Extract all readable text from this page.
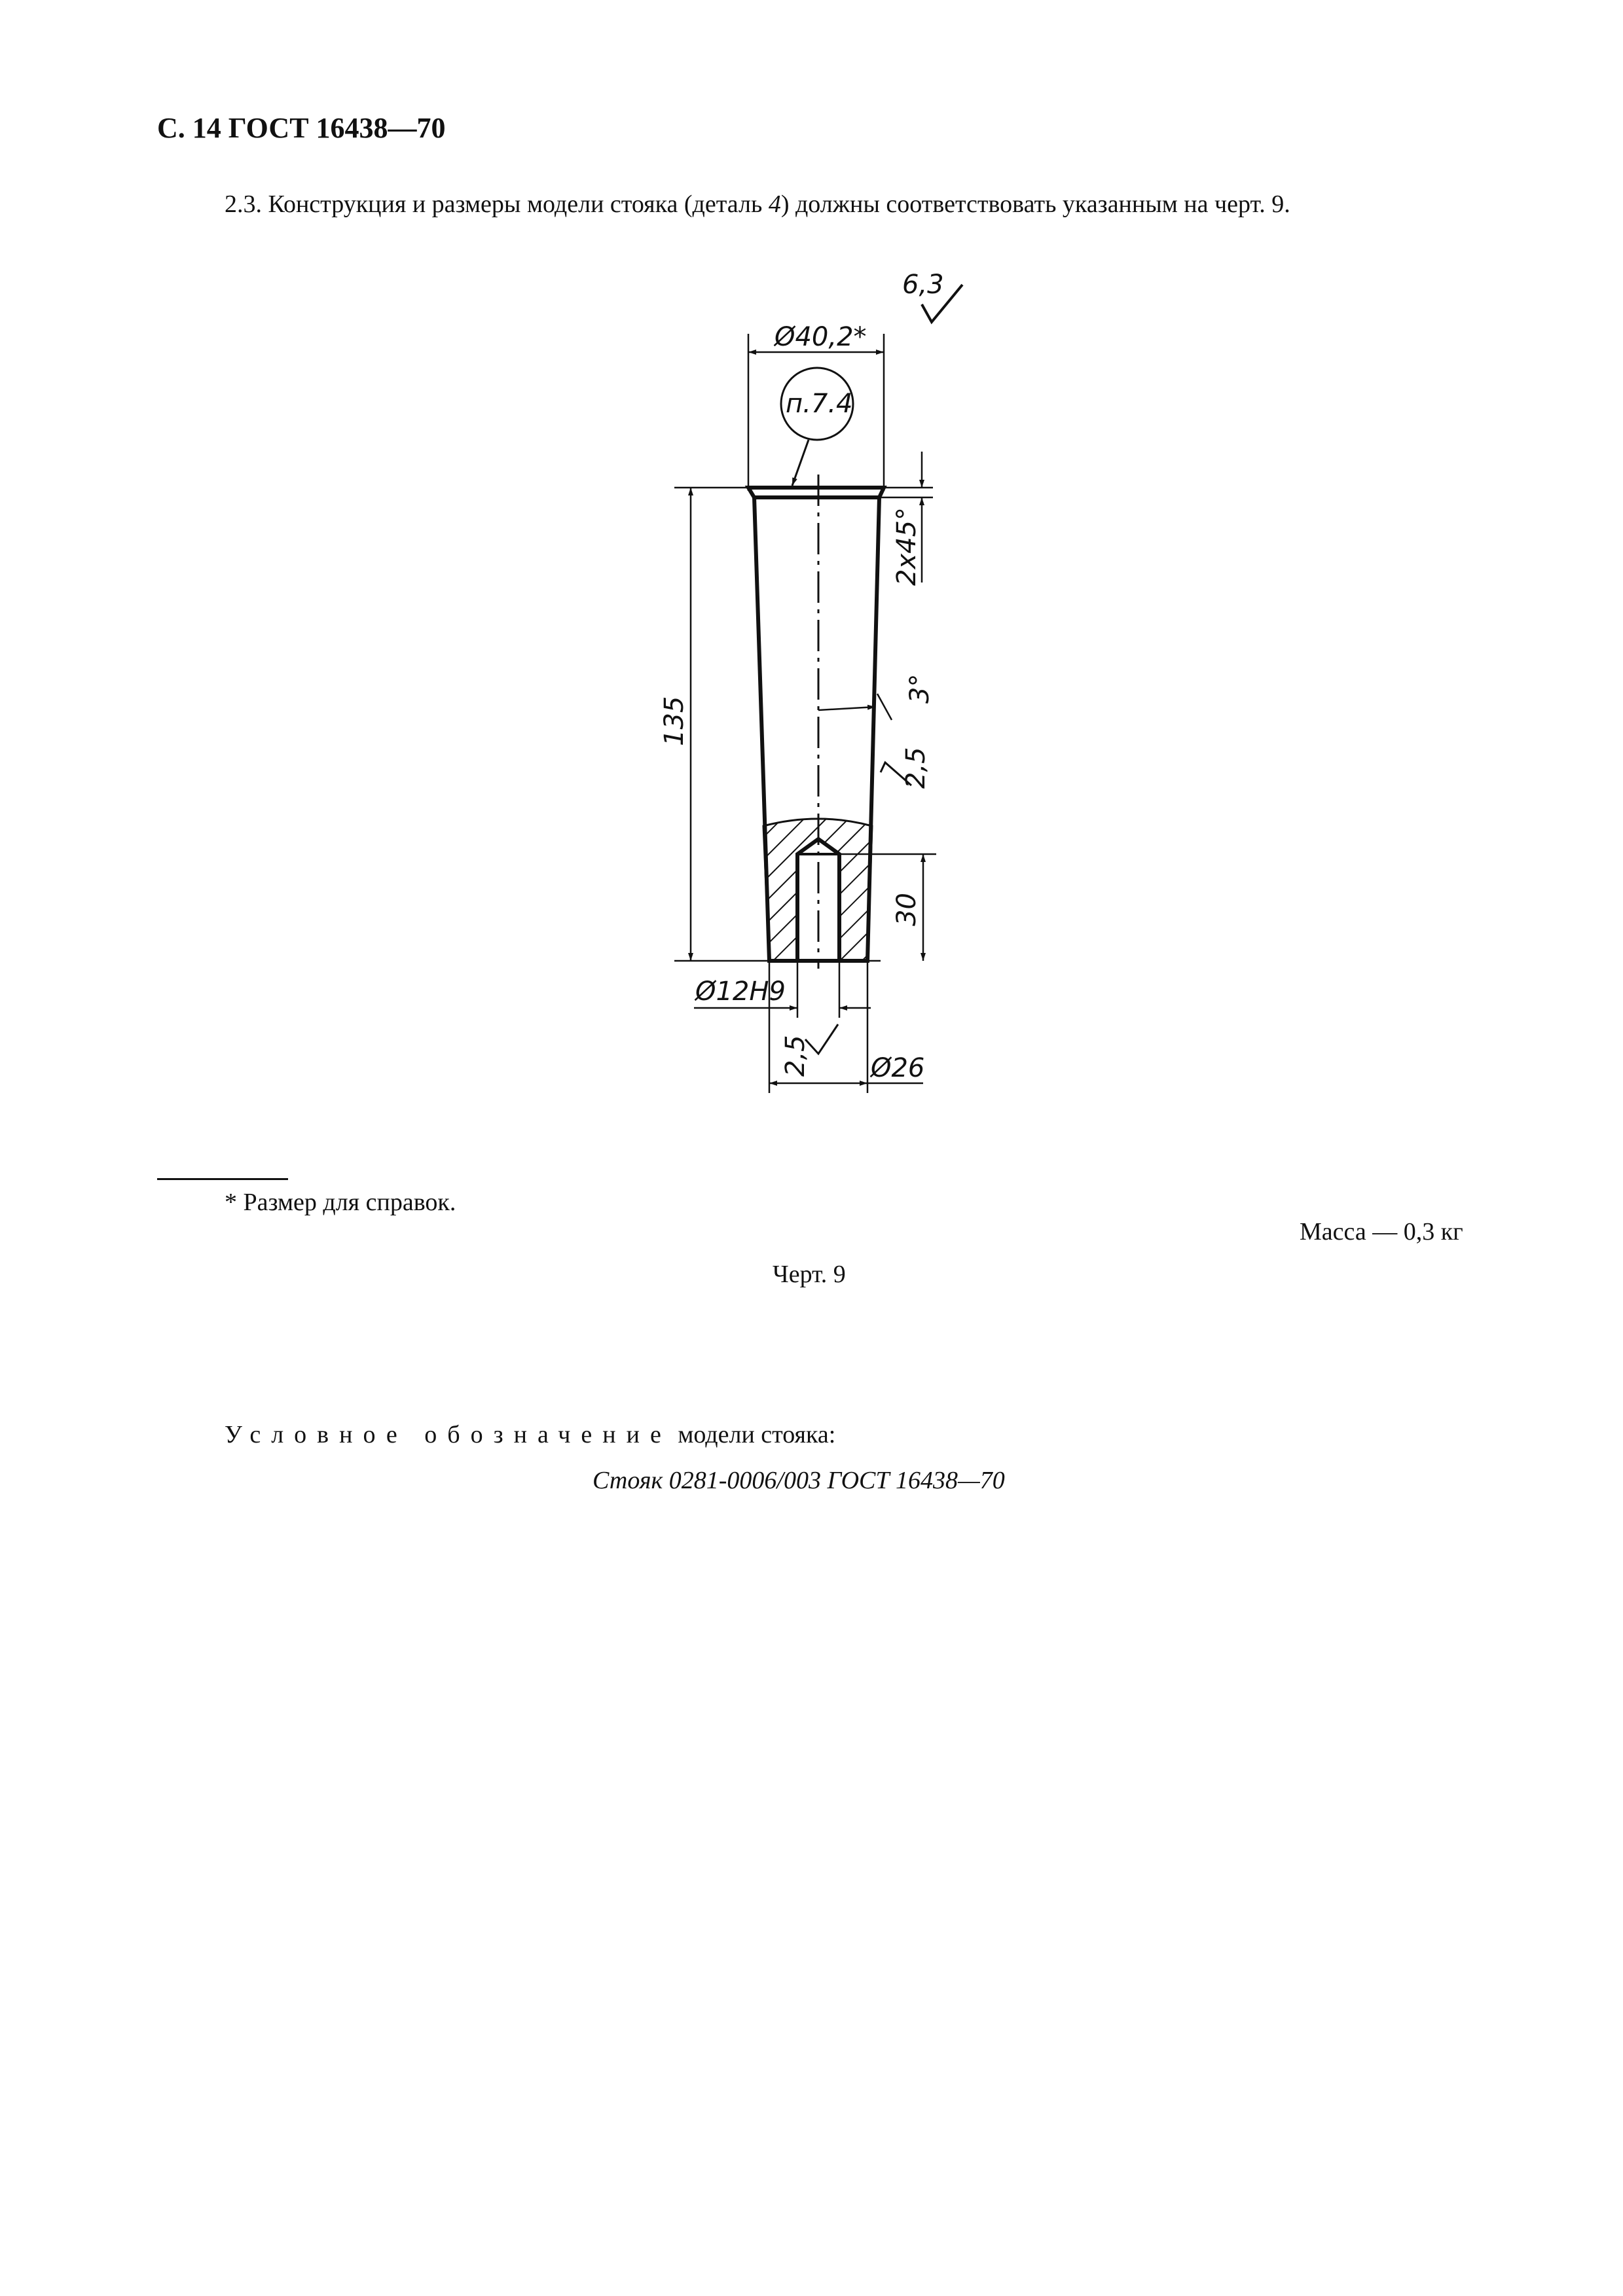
С. 14 ГОСТ 16438—70
2.3. Конструкция и размеры модели стояка (деталь 4) должны соответствовать указанным на черт. 9.
6,3
Ø40,2*
п.7.4
135
2x45°
3°
2,5
30
Ø12H9
2,5 Ø26
* Размер для справок.
Масса — 0,3 кг
Черт. 9
Условное обозначение модели стояка:
Стояк 0281-0006/003 ГОСТ 16438—70
